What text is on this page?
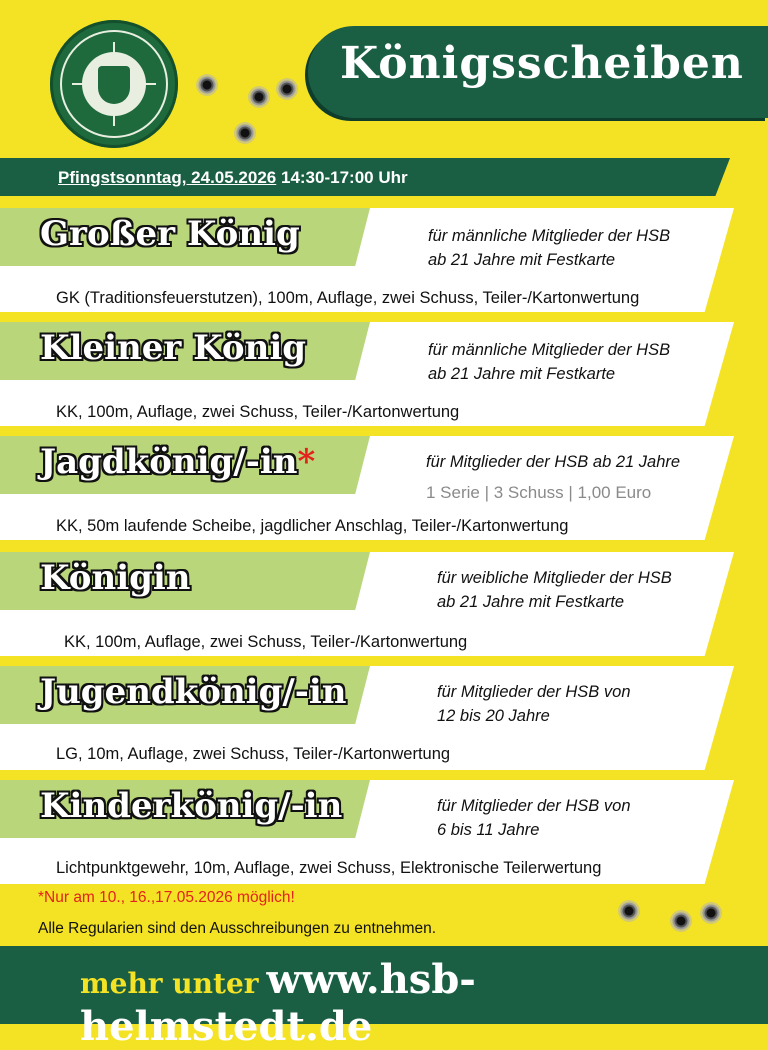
Königsscheiben
Pfingstsonntag, 24.05.2026 14:30-17:00 Uhr
Großer König	für männliche Mitglieder der HSB
ab 21 Jahre mit Festkarte
GK (Traditionsfeuerstutzen), 100m, Auflage, zwei Schuss, Teiler-/Kartonwertung
Kleiner König	für männliche Mitglieder der HSB
ab 21 Jahre mit Festkarte
KK, 100m, Auflage, zwei Schuss, Teiler-/Kartonwertung
Jagdkönig/-in*	für Mitglieder der HSB ab 21 Jahre
1 Serie | 3 Schuss | 1,00 Euro
KK, 50m laufende Scheibe, jagdlicher Anschlag, Teiler-/Kartonwertung
Königin	für weibliche Mitglieder der HSB
ab 21 Jahre mit Festkarte
KK, 100m, Auflage, zwei Schuss, Teiler-/Kartonwertung
Jugendkönig/-in	für Mitglieder der HSB von
12 bis 20 Jahre
LG, 10m, Auflage, zwei Schuss, Teiler-/Kartonwertung
Kinderkönig/-in	für Mitglieder der HSB von
6 bis 11 Jahre
Lichtpunktgewehr, 10m, Auflage, zwei Schuss, Elektronische Teilerwertung
*Nur am 10., 16.,17.05.2026 möglich!
Alle Regularien sind den Ausschreibungen zu entnehmen.
mehr unter www.hsb-helmstedt.de
